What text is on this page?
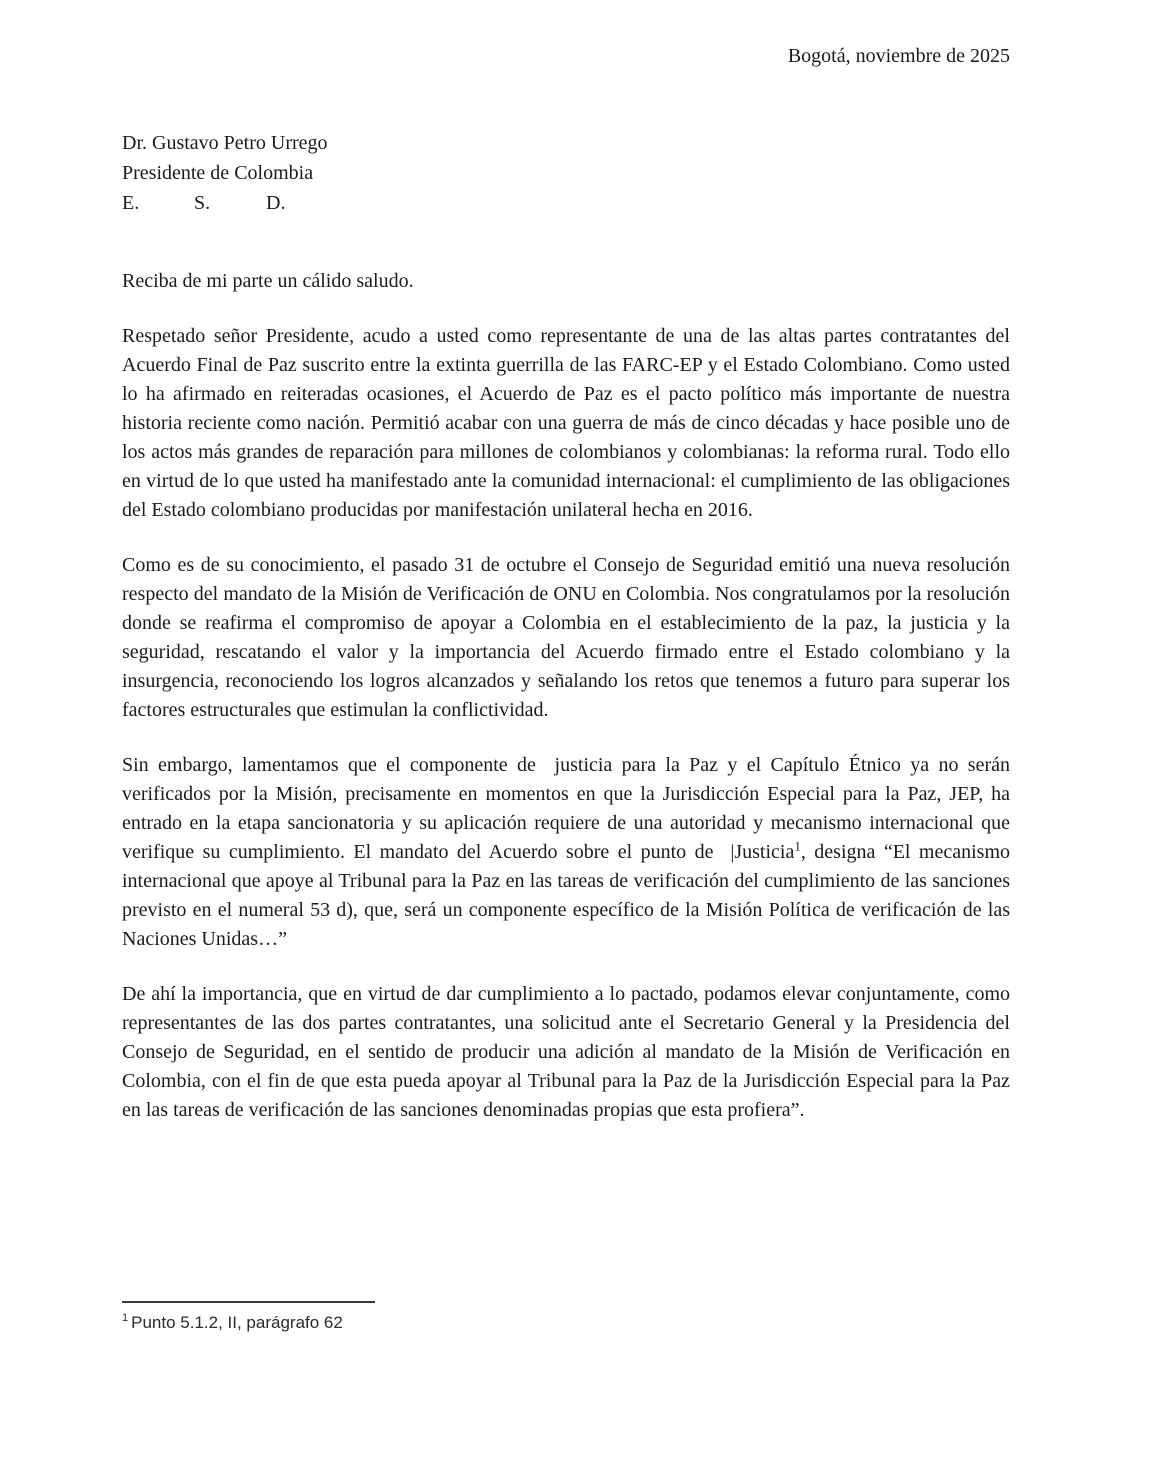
Bogotá, noviembre de 2025
Dr. Gustavo Petro Urrego
Presidente de Colombia
E.	S.	D.

Reciba de mi parte un cálido saludo.

Respetado señor Presidente, acudo a usted como representante de una de las altas partes contratantes del Acuerdo Final de Paz suscrito entre la extinta guerrilla de las FARC-EP y el Estado Colombiano. Como usted lo ha afirmado en reiteradas ocasiones, el Acuerdo de Paz es el pacto político más importante de nuestra historia reciente como nación. Permitió acabar con una guerra de más de cinco décadas y hace posible uno de los actos más grandes de reparación para millones de colombianos y colombianas: la reforma rural. Todo ello en virtud de lo que usted ha manifestado ante la comunidad internacional: el cumplimiento de las obligaciones del Estado colombiano producidas por manifestación unilateral hecha en 2016.

Como es de su conocimiento, el pasado 31 de octubre el Consejo de Seguridad emitió una nueva resolución respecto del mandato de la Misión de Verificación de ONU en Colombia. Nos congratulamos por la resolución donde se reafirma el compromiso de apoyar a Colombia en el establecimiento de la paz, la justicia y la seguridad, rescatando el valor y la importancia del Acuerdo firmado entre el Estado colombiano y la insurgencia, reconociendo los logros alcanzados y señalando los retos que tenemos a futuro para superar los factores estructurales que estimulan la conflictividad.

Sin embargo, lamentamos que el componente de  justicia para la Paz y el Capítulo Étnico ya no serán verificados por la Misión, precisamente en momentos en que la Jurisdicción Especial para la Paz, JEP, ha entrado en la etapa sancionatoria y su aplicación requiere de una autoridad y mecanismo internacional que verifique su cumplimiento. El mandato del Acuerdo sobre el punto de  |Justicia$^1$, designa “El mecanismo internacional que apoye al Tribunal para la Paz en las tareas de verificación del cumplimiento de las sanciones previsto en el numeral 53 d), que, será un componente específico de la Misión Política de verificación de las Naciones Unidas…”

De ahí la importancia, que en virtud de dar cumplimiento a lo pactado, podamos elevar conjuntamente, como representantes de las dos partes contratantes, una solicitud ante el Secretario General y la Presidencia del Consejo de Seguridad, en el sentido de producir una adición al mandato de la Misión de Verificación en Colombia, con el fin de que esta pueda apoyar al Tribunal para la Paz de la Jurisdicción Especial para la Paz en las tareas de verificación de las sanciones denominadas propias que esta profiera”.

$^1$ Punto 5.1.2, II, parágrafo 62
